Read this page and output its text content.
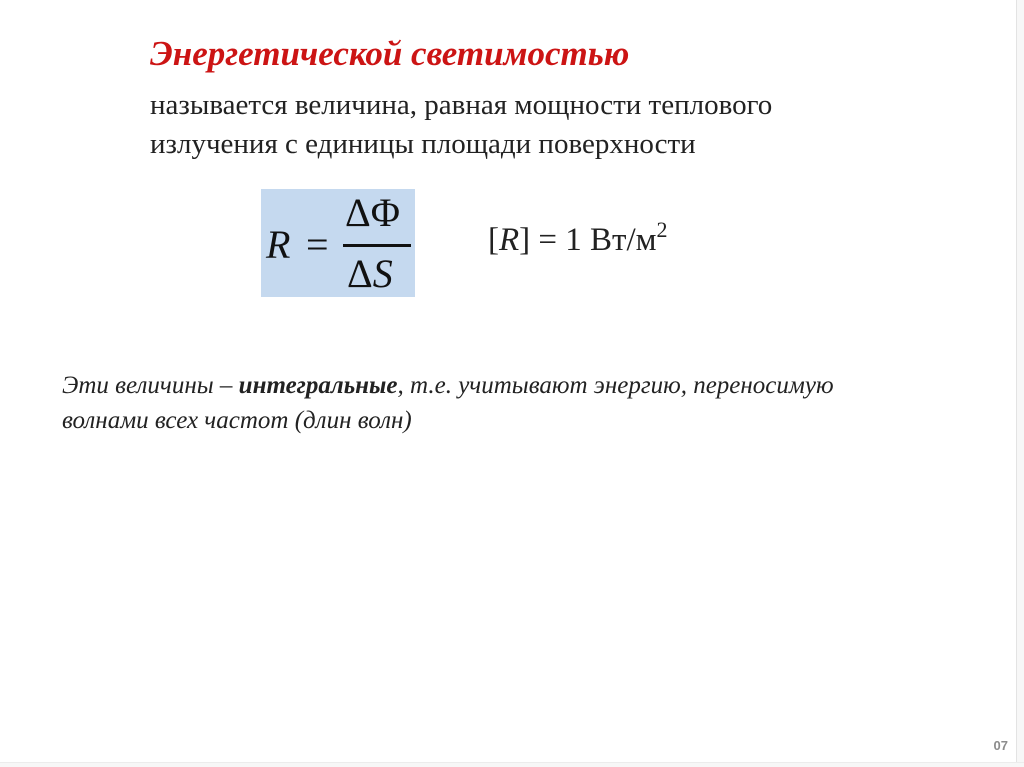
Энергетической светимостью
называется величина, равная мощности теплового
излучения с единицы площади поверхности
R =
ΔΦ
ΔS
[R] = 1 $Вт/м^2$
Эти величины – интегральные, т.е. учитывают энергию, переносимую
волнами всех частот (длин волн)
07
